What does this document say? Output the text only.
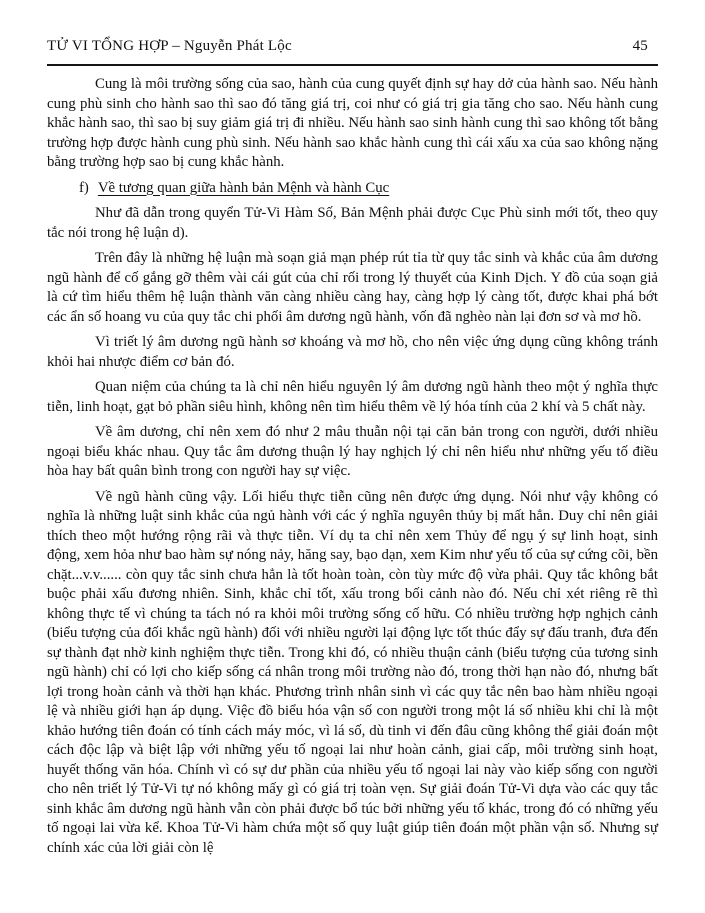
TỬ VI TỔNG HỢP – Nguyễn Phát Lộc	45

Cung là môi trường sống của sao, hành của cung quyết định sự hay dở của hành sao. Nếu hành cung phù sinh cho hành sao thì sao đó tăng giá trị, coi như có giá trị gia tăng cho sao. Nếu hành cung khắc hành sao, thì sao bị suy giảm giá trị đi nhiều. Nếu hành sao sinh hành cung thì sao không tốt bằng trường hợp được hành cung phù sinh. Nếu hành sao khắc hành cung thì cái xấu xa của sao không nặng bằng trường hợp sao bị cung khắc hành.

f) Về tương quan giữa hành bản Mệnh và hành Cục

Như đã dẫn trong quyển Tử-Vi Hàm Số, Bản Mệnh phải được Cục Phù sinh mới tốt, theo quy tắc nói trong hệ luận d).

Trên đây là những hệ luận mà soạn giả mạn phép rút tỉa từ quy tắc sinh và khắc của âm dương ngũ hành để cố gắng gỡ thêm vài cái gút của chỉ rối trong lý thuyết của Kinh Dịch. Y đồ của soạn giả là cứ tìm hiểu thêm hệ luận thành văn càng nhiều càng hay, càng hợp lý càng tốt, được khai phá bớt các ẩn số hoang vu của quy tắc chi phối âm dương ngũ hành, vốn đã nghèo nàn lại đơn sơ và mơ hồ.

Vì triết lý âm dương ngũ hành sơ khoáng và mơ hồ, cho nên việc ứng dụng cũng không tránh khỏi hai nhược điểm cơ bản đó.

Quan niệm của chúng ta là chỉ nên hiểu nguyên lý âm dương ngũ hành theo một ý nghĩa thực tiễn, linh hoạt, gạt bỏ phần siêu hình, không nên tìm hiểu thêm về lý hóa tính của 2 khí và 5 chất này.

Về âm dương, chỉ nên xem đó như 2 mâu thuẫn nội tại căn bản trong con người, dưới nhiều ngoại biểu khác nhau. Quy tắc âm dương thuận lý hay nghịch lý chỉ nên hiểu như những yếu tố điều hòa hay bất quân bình trong con người hay sự việc.

Về ngũ hành cũng vậy. Lối hiểu thực tiễn cũng nên được ứng dụng. Nói như vậy không có nghĩa là những luật sinh khắc của ngủ hành với các ý nghĩa nguyên thủy bị mất hẳn. Duy chỉ nên giải thích theo một hướng rộng rãi và thực tiễn. Ví dụ ta chỉ nên xem Thủy để ngụ ý sự linh hoạt, sinh động, xem hỏa như bao hàm sự nóng nảy, hăng say, bạo dạn, xem Kim như yếu tố của sự cứng cõi, bền chặt...v.v...... còn quy tắc sinh chưa hẳn là tốt hoàn toàn, còn tùy mức độ vừa phải. Quy tắc không bắt buộc phải xấu đương nhiên. Sinh, khắc chỉ tốt, xấu trong bối cảnh nào đó. Nếu chỉ xét riêng rẽ thì không thực tế vì chúng ta tách nó ra khỏi môi trường sống cố hữu. Có nhiều trường hợp nghịch cảnh (biểu tượng của đối khắc ngũ hành) đối với nhiều người lại động lực tốt thúc đẩy sự đấu tranh, đưa đến sự thành đạt nhờ kinh nghiệm thực tiễn. Trong khi đó, có nhiều thuận cảnh (biểu tượng của tương sinh ngũ hành) chỉ có lợi cho kiếp sống cá nhân trong môi trường nào đó, trong thời hạn nào đó, nhưng bất lợi trong hoàn cảnh và thời hạn khác. Phương trình nhân sinh vì các quy tắc nên bao hàm nhiều ngoại lệ và nhiều giới hạn áp dụng. Việc đồ biểu hóa vận số con người trong một lá số nhiều khi chỉ là một khảo hướng tiên đoán có tính cách máy móc, vì lá số, dù tinh vi đến đâu cũng không thể giải đoán một cách độc lập và biệt lập với những yếu tố ngoại lai như hoàn cảnh, giai cấp, môi trường sinh hoạt, huyết thống văn hóa. Chính vì có sự dư phần của nhiều yếu tố ngoại lai này vào kiếp sống con người cho nên triết lý Tử-Vi tự nó không mấy gì có giá trị toàn vẹn. Sự giải đoán Tử-Vi dựa vào các quy tắc sinh khắc âm dương ngũ hành vẫn còn phải được bổ túc bởi những yếu tố khác, trong đó có những yếu tố ngoại lai vừa kể. Khoa Tử-Vi hàm chứa một số quy luật giúp tiên đoán một phần vận số. Nhưng sự chính xác của lời giải còn lệ
